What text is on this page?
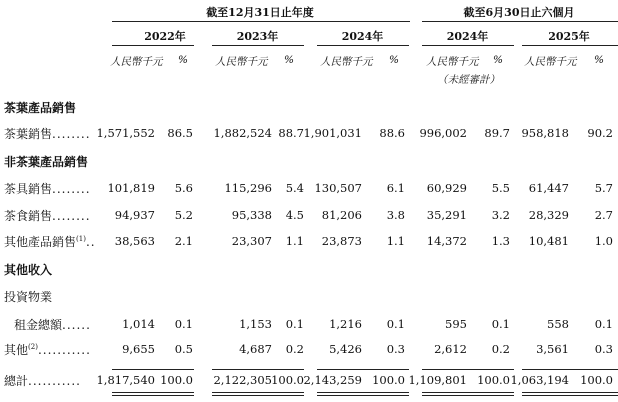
截至12月31日止年度	截至6月30日止六個月
2022年	2023年	2024年	2024年	2025年
人民幣千元 %	人民幣千元 % 人民幣千元 %	人民幣千元 % 人民幣千元 %
（未經審計）
茶葉產品銷售
茶葉銷售........ 1,571,552 86.5 1,882,524 88.7 1,901,031 88.6 996,002 89.7 958,818 90.2
非茶葉產品銷售
茶具銷售........ 101,819 5.6	115,296 5.4 130,507 6.1 60,929 5.5 61,447 5.7
茶食銷售........ 94,937 5.2	95,338 4.5 81,206 3.8 35,291 3.2 28,329 2.7
其他產品銷售$^{(1)}$.. 38,563 2.1	23,307 1.1 23,873 1.1 14,372 1.3 10,481 1.0
其他收入
投資物業
租金總額......	1,014 0.1	1,153 0.1 1,216 0.1	595 0.1	558 0.1
其他$^{(2)}$...........	9,655 0.5	4,687 0.2 5,426 0.3	2,612 0.2 3,561 0.3
總計........... 1,817,540 100.0 2,122,305 100.0 2,143,259 100.0 1,109,801 100.0 1,063,194 100.0
